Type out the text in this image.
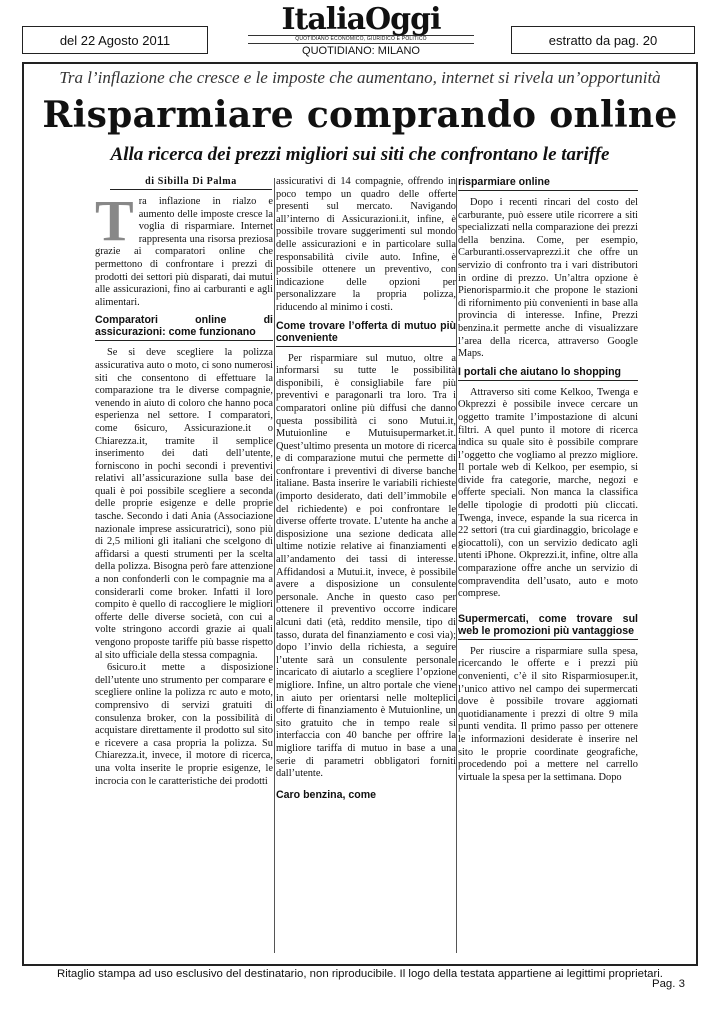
del 22 Agosto 2011	estratto da pag. 20
ItaliaOggi
QUOTIDIANO ECONOMICO, GIURIDICO E POLITICO
QUOTIDIANO: MILANO
Tra l’inflazione che cresce e le imposte che aumentano, internet si rivela un’opportunità
Risparmiare comprando online
Alla ricerca dei prezzi migliori sui siti che confrontano le tariffe
di Sibilla Di Palma
T ra inflazione in rialzo e aumento delle imposte cresce la voglia di risparmiare. Internet rappresenta una risorsa preziosa grazie ai comparatori online che permettono di confrontare i prezzi di prodotti dei settori più disparati, dai mutui alle assicurazioni, fino ai carburanti e agli alimentari.

Comparatori online di assicurazioni: come funzionano

Se si deve scegliere la polizza assicurativa auto o moto, ci sono numerosi siti che consentono di effettuare la comparazione tra le diverse compagnie, venendo in aiuto di coloro che hanno poca esperienza nel settore. I comparatori, come 6sicuro, Assicurazione.it o Chiarezza.it, tramite il semplice inserimento dei dati dell’utente, forniscono in pochi secondi i preventivi relativi all’assicurazione sulla base dei quali è poi possibile scegliere a seconda delle proprie esigenze e delle proprie tasche. Secondo i dati Ania (Associazione nazionale imprese assicuratrici), sono più di 2,5 milioni gli italiani che scelgono di affidarsi a questi strumenti per la scelta della polizza. Bisogna però fare attenzione a non confonderli con le compagnie ma a considerarli come broker. Infatti il loro compito è quello di raccogliere le migliori offerte delle diverse società, con cui a volte stringono accordi grazie ai quali vengono proposte tariffe più basse rispetto al sito ufficiale della stessa compagnia.

6sicuro.it mette a disposizione dell’utente uno strumento per comparare e scegliere online la polizza rc auto e moto, comprensivo di servizi gratuiti di consulenza broker, con la possibilità di acquistare direttamente il prodotto sul sito e ricevere a casa propria la polizza. Su Chiarezza.it, invece, il motore di ricerca, una volta inserite le proprie esigenze, le incrocia con le caratteristiche dei prodotti

assicurativi di 14 compagnie, offrendo in poco tempo un quadro delle offerte presenti sul mercato. Navigando all’interno di Assicurazioni.it, infine, è possibile trovare suggerimenti sul mondo delle assicurazioni e in particolare sulla responsabilità civile auto. Infine, è possibile ottenere un preventivo, con indicazione delle opzioni per personalizzare la propria polizza, riducendo al minimo i costi.

Come trovare l’offerta di mutuo più conveniente

Per risparmiare sul mutuo, oltre a informarsi su tutte le possibilità disponibili, è consigliabile fare più preventivi e paragonarli tra loro. Tra i comparatori online più diffusi che danno questa possibilità ci sono Mutui.it, Mutuionline e Mutuisupermarket.it. Quest’ultimo presenta un motore di ricerca e di comparazione mutui che permette di confrontare i preventivi di diverse banche italiane. Basta inserire le variabili richieste (importo desiderato, dati dell’immobile e del richiedente) e poi confrontare le diverse offerte trovate. L’utente ha anche a disposizione una sezione dedicata alle ultime notizie relative ai finanziamenti e all’andamento dei tassi di interesse. Affidandosi a Mutui.it, invece, è possibile avere a disposizione un consulente personale. Anche in questo caso per ottenere il preventivo occorre indicare alcuni dati (età, reddito mensile, tipo di tasso, durata del finanziamento e così via); dopo l’invio della richiesta, a seguire l’utente sarà un consulente personale incaricato di aiutarlo a scegliere l’opzione migliore. Infine, un altro portale che viene in aiuto per orientarsi nelle molteplici offerte di finanziamento è Mutuionline, un sito gratuito che in tempo reale si interfaccia con 40 banche per offrire la migliore tariffa di mutuo in base a una serie di parametri obbligatori forniti dall’utente.

Caro benzina, come
risparmiare online

Dopo i recenti rincari del costo del carburante, può essere utile ricorrere a siti specializzati nella comparazione dei prezzi della benzina. Come, per esempio, Carburanti.osservaprezzi.it che offre un servizio di confronto tra i vari distributori in ordine di prezzo. Un’altra opzione è Pienorisparmio.it che propone le stazioni di rifornimento più convenienti in base alla provincia di interesse. Infine, Prezzi benzina.it permette anche di visualizzare l’area della ricerca, attraverso Google Maps.

I portali che aiutano lo shopping

Attraverso siti come Kelkoo, Twenga e Okprezzi è possibile invece cercare un oggetto tramite l’impostazione di alcuni filtri. A quel punto il motore di ricerca indica su quale sito è possibile comprare l’oggetto che vogliamo al prezzo migliore. Il portale web di Kelkoo, per esempio, si divide fra categorie, marche, negozi e offerte speciali. Non manca la classifica delle tipologie di prodotti più cliccati. Twenga, invece, espande la sua ricerca in 22 settori (tra cui giardinaggio, bricolage e giocattoli), con un servizio dedicato agli utenti iPhone. Okprezzi.it, infine, oltre alla comparazione offre anche un servizio di compravendita dell’usato, auto e moto comprese.

Supermercati, come trovare sul web le promozioni più vantaggiose

Per riuscire a risparmiare sulla spesa, ricercando le offerte e i prezzi più convenienti, c’è il sito Risparmiosuper.it, l’unico attivo nel campo dei supermercati dove è possibile trovare aggiornati quotidianamente i prezzi di oltre 9 mila punti vendita. Il primo passo per ottenere le informazioni desiderate è inserire nel sito le proprie coordinate geografiche, procedendo poi a mettere nel carrello virtuale la spesa per la settimana. Dopo

Ritaglio stampa ad uso esclusivo del destinatario, non riproducibile. Il logo della testata appartiene ai legittimi proprietari.
Pag. 3
